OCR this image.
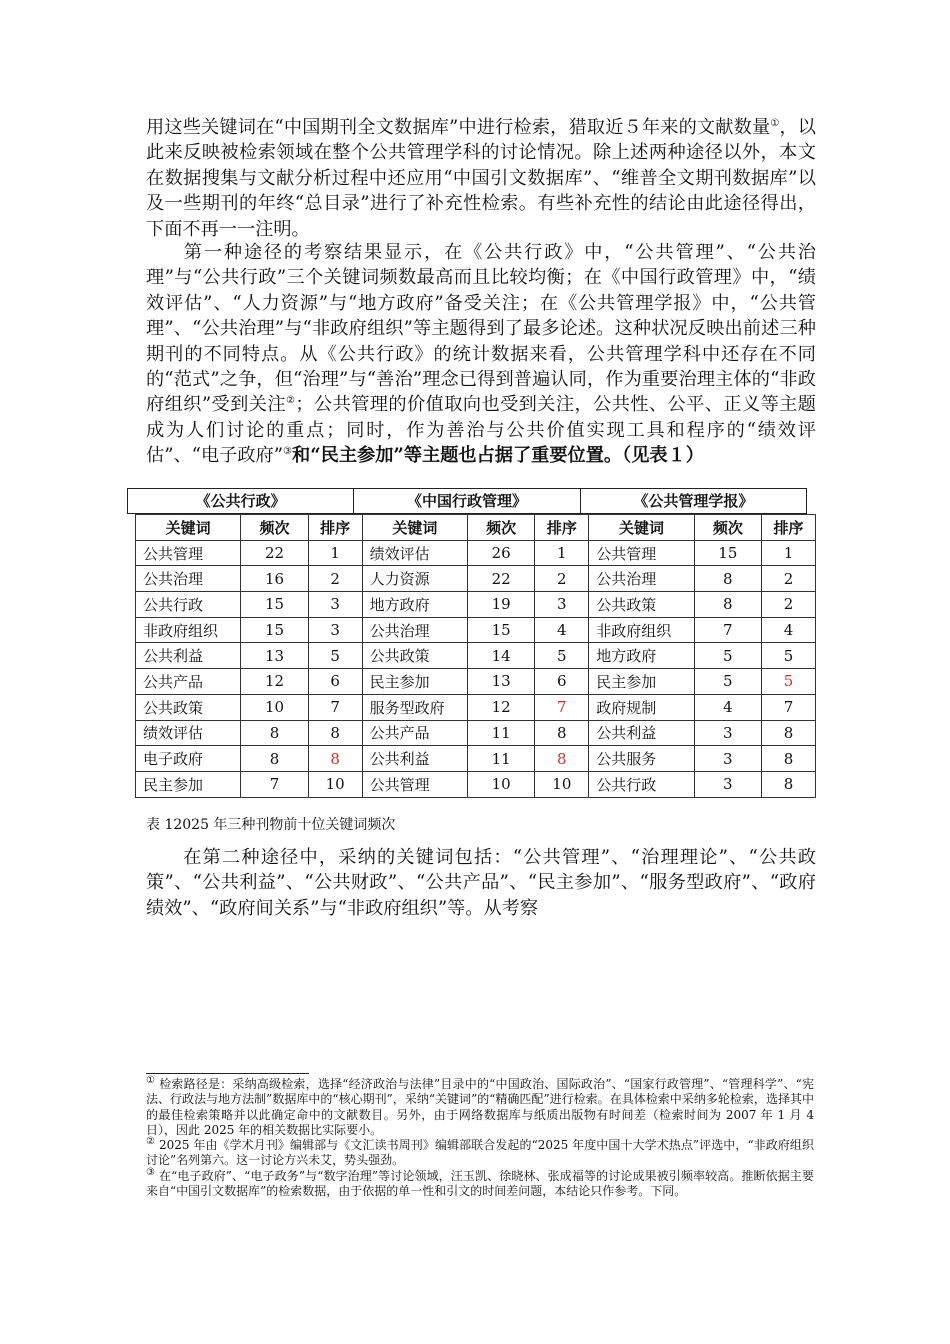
用这些关键词在“中国期刊全文数据库”中进行检索，猎取近５年来的文献数量①，以此来反映被检索领域在整个公共管理学科的讨论情况。除上述两种途径以外，本文在数据搜集与文献分析过程中还应用“中国引文数据库”、“维普全文期刊数据库”以及一些期刊的年终“总目录”进行了补充性检索。有些补充性的结论由此途径得出，下面不再一一注明。

第一种途径的考察结果显示，在《公共行政》中，“公共管理”、“公共治理”与“公共行政”三个关键词频数最高而且比较均衡；在《中国行政管理》中，“绩效评估”、“人力资源”与“地方政府”备受关注；在《公共管理学报》中，“公共管理”、“公共治理”与“非政府组织”等主题得到了最多论述。这种状况反映出前述三种期刊的不同特点。从《公共行政》的统计数据来看，公共管理学科中还存在不同的“范式”之争，但“治理”与“善治”理念已得到普遍认同，作为重要治理主体的“非政府组织”受到关注②；公共管理的价值取向也受到关注，公共性、公平、正义等主题成为人们讨论的重点；同时，作为善治与公共价值实现工具和程序的“绩效评估”、“电子政府”③和“民主参加”等主题也占据了重要位置。（见表１）

《公共行政》	《中国行政管理》	《公共管理学报》
关键词	频次	排序	关键词	频次	排序	关键词	频次	排序
公共管理	22	1	绩效评估	26	1	公共管理	15	1
公共治理	16	2	人力资源	22	2	公共治理	8	2
公共行政	15	3	地方政府	19	3	公共政策	8	2
非政府组织	15	3	公共治理	15	4	非政府组织	7	4
公共利益	13	5	公共政策	14	5	地方政府	5	5
公共产品	12	6	民主参加	13	6	民主参加	5	5
公共政策	10	7	服务型政府	12	7	政府规制	4	7
绩效评估	8	8	公共产品	11	8	公共利益	3	8
电子政府	8	8	公共利益	11	8	公共服务	3	8
民主参加	7	10	公共管理	10	10	公共行政	3	8

表 12025 年三种刊物前十位关键词频次

在第二种途径中，采纳的关键词包括：“公共管理”、“治理理论”、“公共政策”、“公共利益”、“公共财政”、“公共产品”、“民主参加”、“服务型政府”、“政府绩效”、“政府间关系”与“非政府组织”等。从考察

① 检索路径是：采纳高级检索，选择“经济政治与法律”目录中的“中国政治、国际政治”、“国家行政管理”、“管理科学”、“宪法、行政法与地方法制”数据库中的“核心期刊”，采纳“关键词”的“精确匹配”进行检索。在具体检索中采纳多轮检索，选择其中的最佳检索策略并以此确定命中的文献数目。另外，由于网络数据库与纸质出版物有时间差（检索时间为 2007 年 1 月 4 日），因此 2025 年的相关数据比实际要小。

② 2025 年由《学术月刊》编辑部与《文汇读书周刊》编辑部联合发起的“2025 年度中国十大学术热点”评选中，“非政府组织讨论”名列第六。这一讨论方兴未艾，势头强劲。

③ 在“电子政府”、“电子政务”与“数字治理”等讨论领域，汪玉凯、徐晓林、张成福等的讨论成果被引频率较高。推断依据主要来自“中国引文数据库”的检索数据，由于依据的单一性和引文的时间差问题，本结论只作参考。下同。
